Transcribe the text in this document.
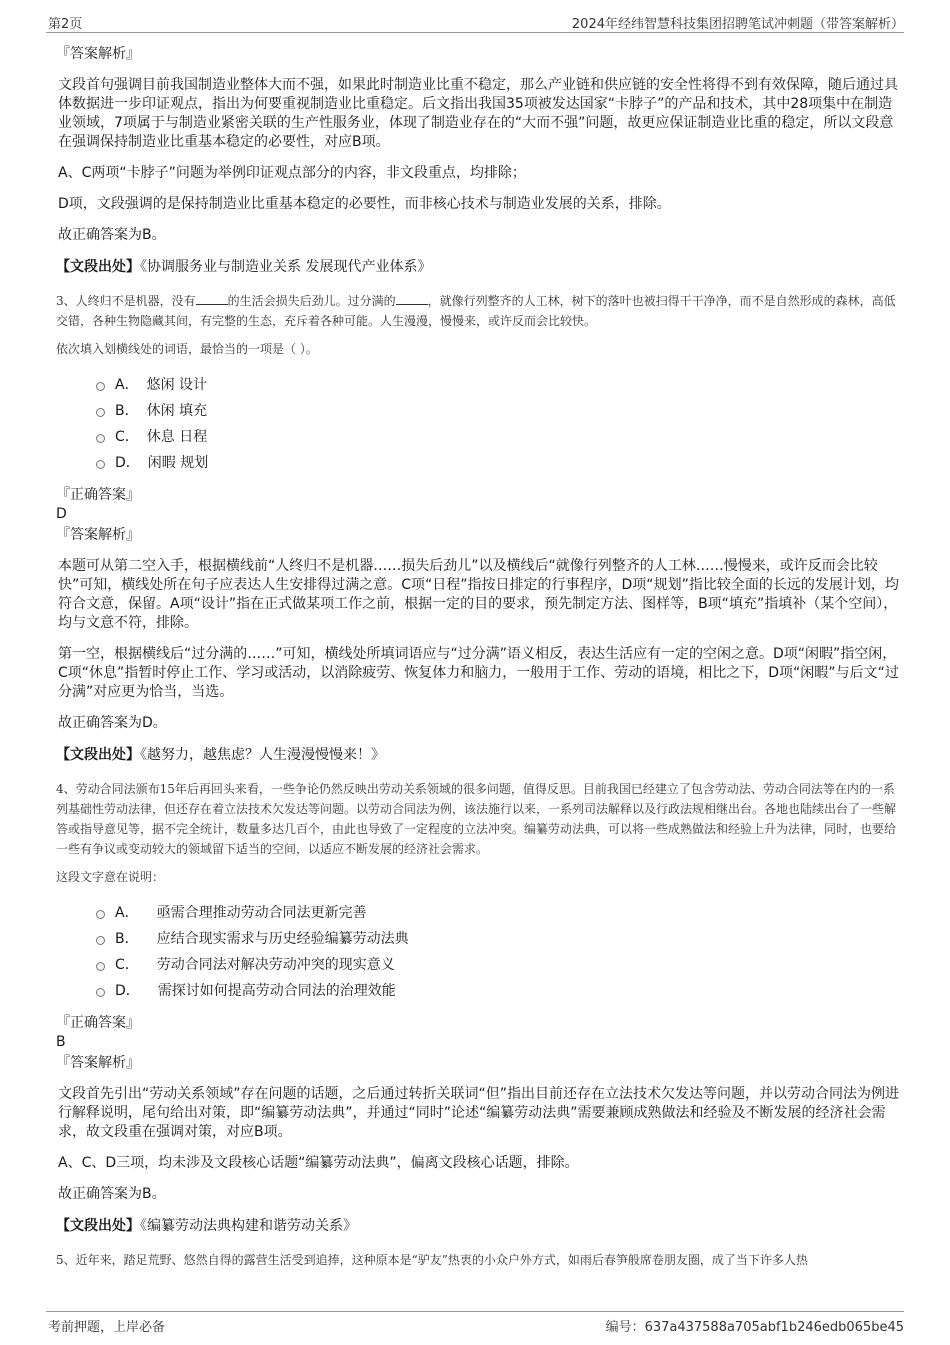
第2页	2024年经纬智慧科技集团招聘笔试冲刺题（带答案解析）

『答案解析』

文段首句强调目前我国制造业整体大而不强，如果此时制造业比重不稳定，那么产业链和供应链的安全性将得不到有效保障，随后通过具体数据进一步印证观点，指出为何要重视制造业比重稳定。后文指出我国35项被发达国家“卡脖子”的产品和技术，其中28项集中在制造业领域，7项属于与制造业紧密关联的生产性服务业，体现了制造业存在的“大而不强”问题，故更应保证制造业比重的稳定，所以文段意在强调保持制造业比重基本稳定的必要性，对应B项。

A、C两项“卡脖子”问题为举例印证观点部分的内容，非文段重点，均排除；

D项，文段强调的是保持制造业比重基本稳定的必要性，而非核心技术与制造业发展的关系，排除。

故正确答案为B。

【文段出处】《协调服务业与制造业关系 发展现代产业体系》

3、人终归不是机器，没有	的生活会损失后劲儿。过分满的	，就像行列整齐的人工林，树下的落叶也被扫得干干净净，而不是自然形成的森林，高低交错，各种生物隐藏其间，有完整的生态，充斥着各种可能。人生漫漫，慢慢来，或许反而会比较快。

依次填入划横线处的词语，最恰当的一项是（ ）。

A． 悠闲 设计
B． 休闲 填充
C． 休息 日程
D． 闲暇 规划

『正确答案』

D

『答案解析』

本题可从第二空入手，根据横线前“人终归不是机器……损失后劲儿”以及横线后“就像行列整齐的人工林……慢慢来，或许反而会比较快”可知，横线处所在句子应表达人生安排得过满之意。C项“日程”指按日排定的行事程序，D项“规划”指比较全面的长远的发展计划，均符合文意，保留。A项“设计”指在正式做某项工作之前，根据一定的目的要求，预先制定方法、图样等，B项“填充”指填补（某个空间），均与文意不符，排除。

第一空，根据横线后“过分满的……”可知，横线处所填词语应与“过分满”语义相反，表达生活应有一定的空闲之意。D项“闲暇”指空闲，C项“休息”指暂时停止工作、学习或活动，以消除疲劳、恢复体力和脑力，一般用于工作、劳动的语境，相比之下，D项“闲暇”与后文“过分满”对应更为恰当，当选。

故正确答案为D。

【文段出处】《越努力，越焦虑？人生漫漫慢慢来！》

4、劳动合同法颁布15年后再回头来看，一些争论仍然反映出劳动关系领域的很多问题，值得反思。目前我国已经建立了包含劳动法、劳动合同法等在内的一系列基础性劳动法律，但还存在着立法技术欠发达等问题。以劳动合同法为例，该法施行以来，一系列司法解释以及行政法规相继出台。各地也陆续出台了一些解答或指导意见等，据不完全统计，数量多达几百个，由此也导致了一定程度的立法冲突。编纂劳动法典，可以将一些成熟做法和经验上升为法律，同时，也要给一些有争议或变动较大的领域留下适当的空间，以适应不断发展的经济社会需求。

这段文字意在说明：

A． 亟需合理推动劳动合同法更新完善
B． 应结合现实需求与历史经验编纂劳动法典
C． 劳动合同法对解决劳动冲突的现实意义
D． 需探讨如何提高劳动合同法的治理效能

『正确答案』

B

『答案解析』

文段首先引出“劳动关系领域”存在问题的话题，之后通过转折关联词“但”指出目前还存在立法技术欠发达等问题，并以劳动合同法为例进行解释说明，尾句给出对策，即“编纂劳动法典”，并通过“同时”论述“编纂劳动法典”需要兼顾成熟做法和经验及不断发展的经济社会需求，故文段重在强调对策，对应B项。

A、C、D三项，均未涉及文段核心话题“编纂劳动法典”，偏离文段核心话题，排除。

故正确答案为B。

【文段出处】《编纂劳动法典构建和谐劳动关系》

5、近年来，踏足荒野、悠然自得的露营生活受到追捧，这种原本是“驴友”热衷的小众户外方式，如雨后春笋般席卷朋友圈，成了当下许多人热

考前押题，上岸必备	编号：637a437588a705abf1b246edb065be45
